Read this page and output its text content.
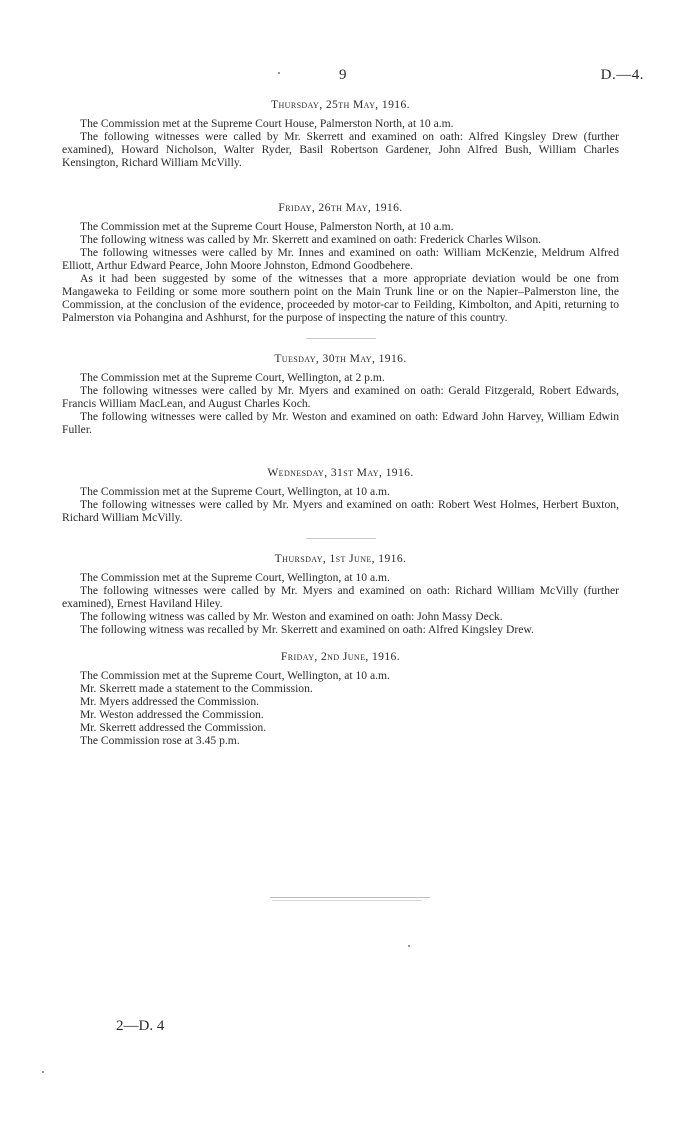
9	D.—4.

Thursday, 25th May, 1916.

The Commission met at the Supreme Court House, Palmerston North, at 10 a.m.

The following witnesses were called by Mr. Skerrett and examined on oath: Alfred Kingsley Drew (further examined), Howard Nicholson, Walter Ryder, Basil Robertson Gardener, John Alfred Bush, William Charles Kensington, Richard William McVilly.

Friday, 26th May, 1916.

The Commission met at the Supreme Court House, Palmerston North, at 10 a.m.

The following witness was called by Mr. Skerrett and examined on oath: Frederick Charles Wilson.

The following witnesses were called by Mr. Innes and examined on oath: William McKenzie, Meldrum Alfred Elliott, Arthur Edward Pearce, John Moore Johnston, Edmond Goodbehere.

As it had been suggested by some of the witnesses that a more appropriate deviation would be one from Mangaweka to Feilding or some more southern point on the Main Trunk line or on the Napier–Palmerston line, the Commission, at the conclusion of the evidence, proceeded by motor-car to Feilding, Kimbolton, and Apiti, returning to Palmerston via Pohangina and Ashhurst, for the purpose of inspecting the nature of this country.

Tuesday, 30th May, 1916.

The Commission met at the Supreme Court, Wellington, at 2 p.m.

The following witnesses were called by Mr. Myers and examined on oath: Gerald Fitzgerald, Robert Edwards, Francis William MacLean, and August Charles Koch.

The following witnesses were called by Mr. Weston and examined on oath: Edward John Harvey, William Edwin Fuller.

Wednesday, 31st May, 1916.

The Commission met at the Supreme Court, Wellington, at 10 a.m.

The following witnesses were called by Mr. Myers and examined on oath: Robert West Holmes, Herbert Buxton, Richard William McVilly.

Thursday, 1st June, 1916.

The Commission met at the Supreme Court, Wellington, at 10 a.m.

The following witnesses were called by Mr. Myers and examined on oath: Richard William McVilly (further examined), Ernest Haviland Hiley.

The following witness was called by Mr. Weston and examined on oath: John Massy Deck.

The following witness was recalled by Mr. Skerrett and examined on oath: Alfred Kingsley Drew.

Friday, 2nd June, 1916.

The Commission met at the Supreme Court, Wellington, at 10 a.m.

Mr. Skerrett made a statement to the Commission.

Mr. Myers addressed the Commission.

Mr. Weston addressed the Commission.

Mr. Skerrett addressed the Commission.

The Commission rose at 3.45 p.m.

2—D. 4
